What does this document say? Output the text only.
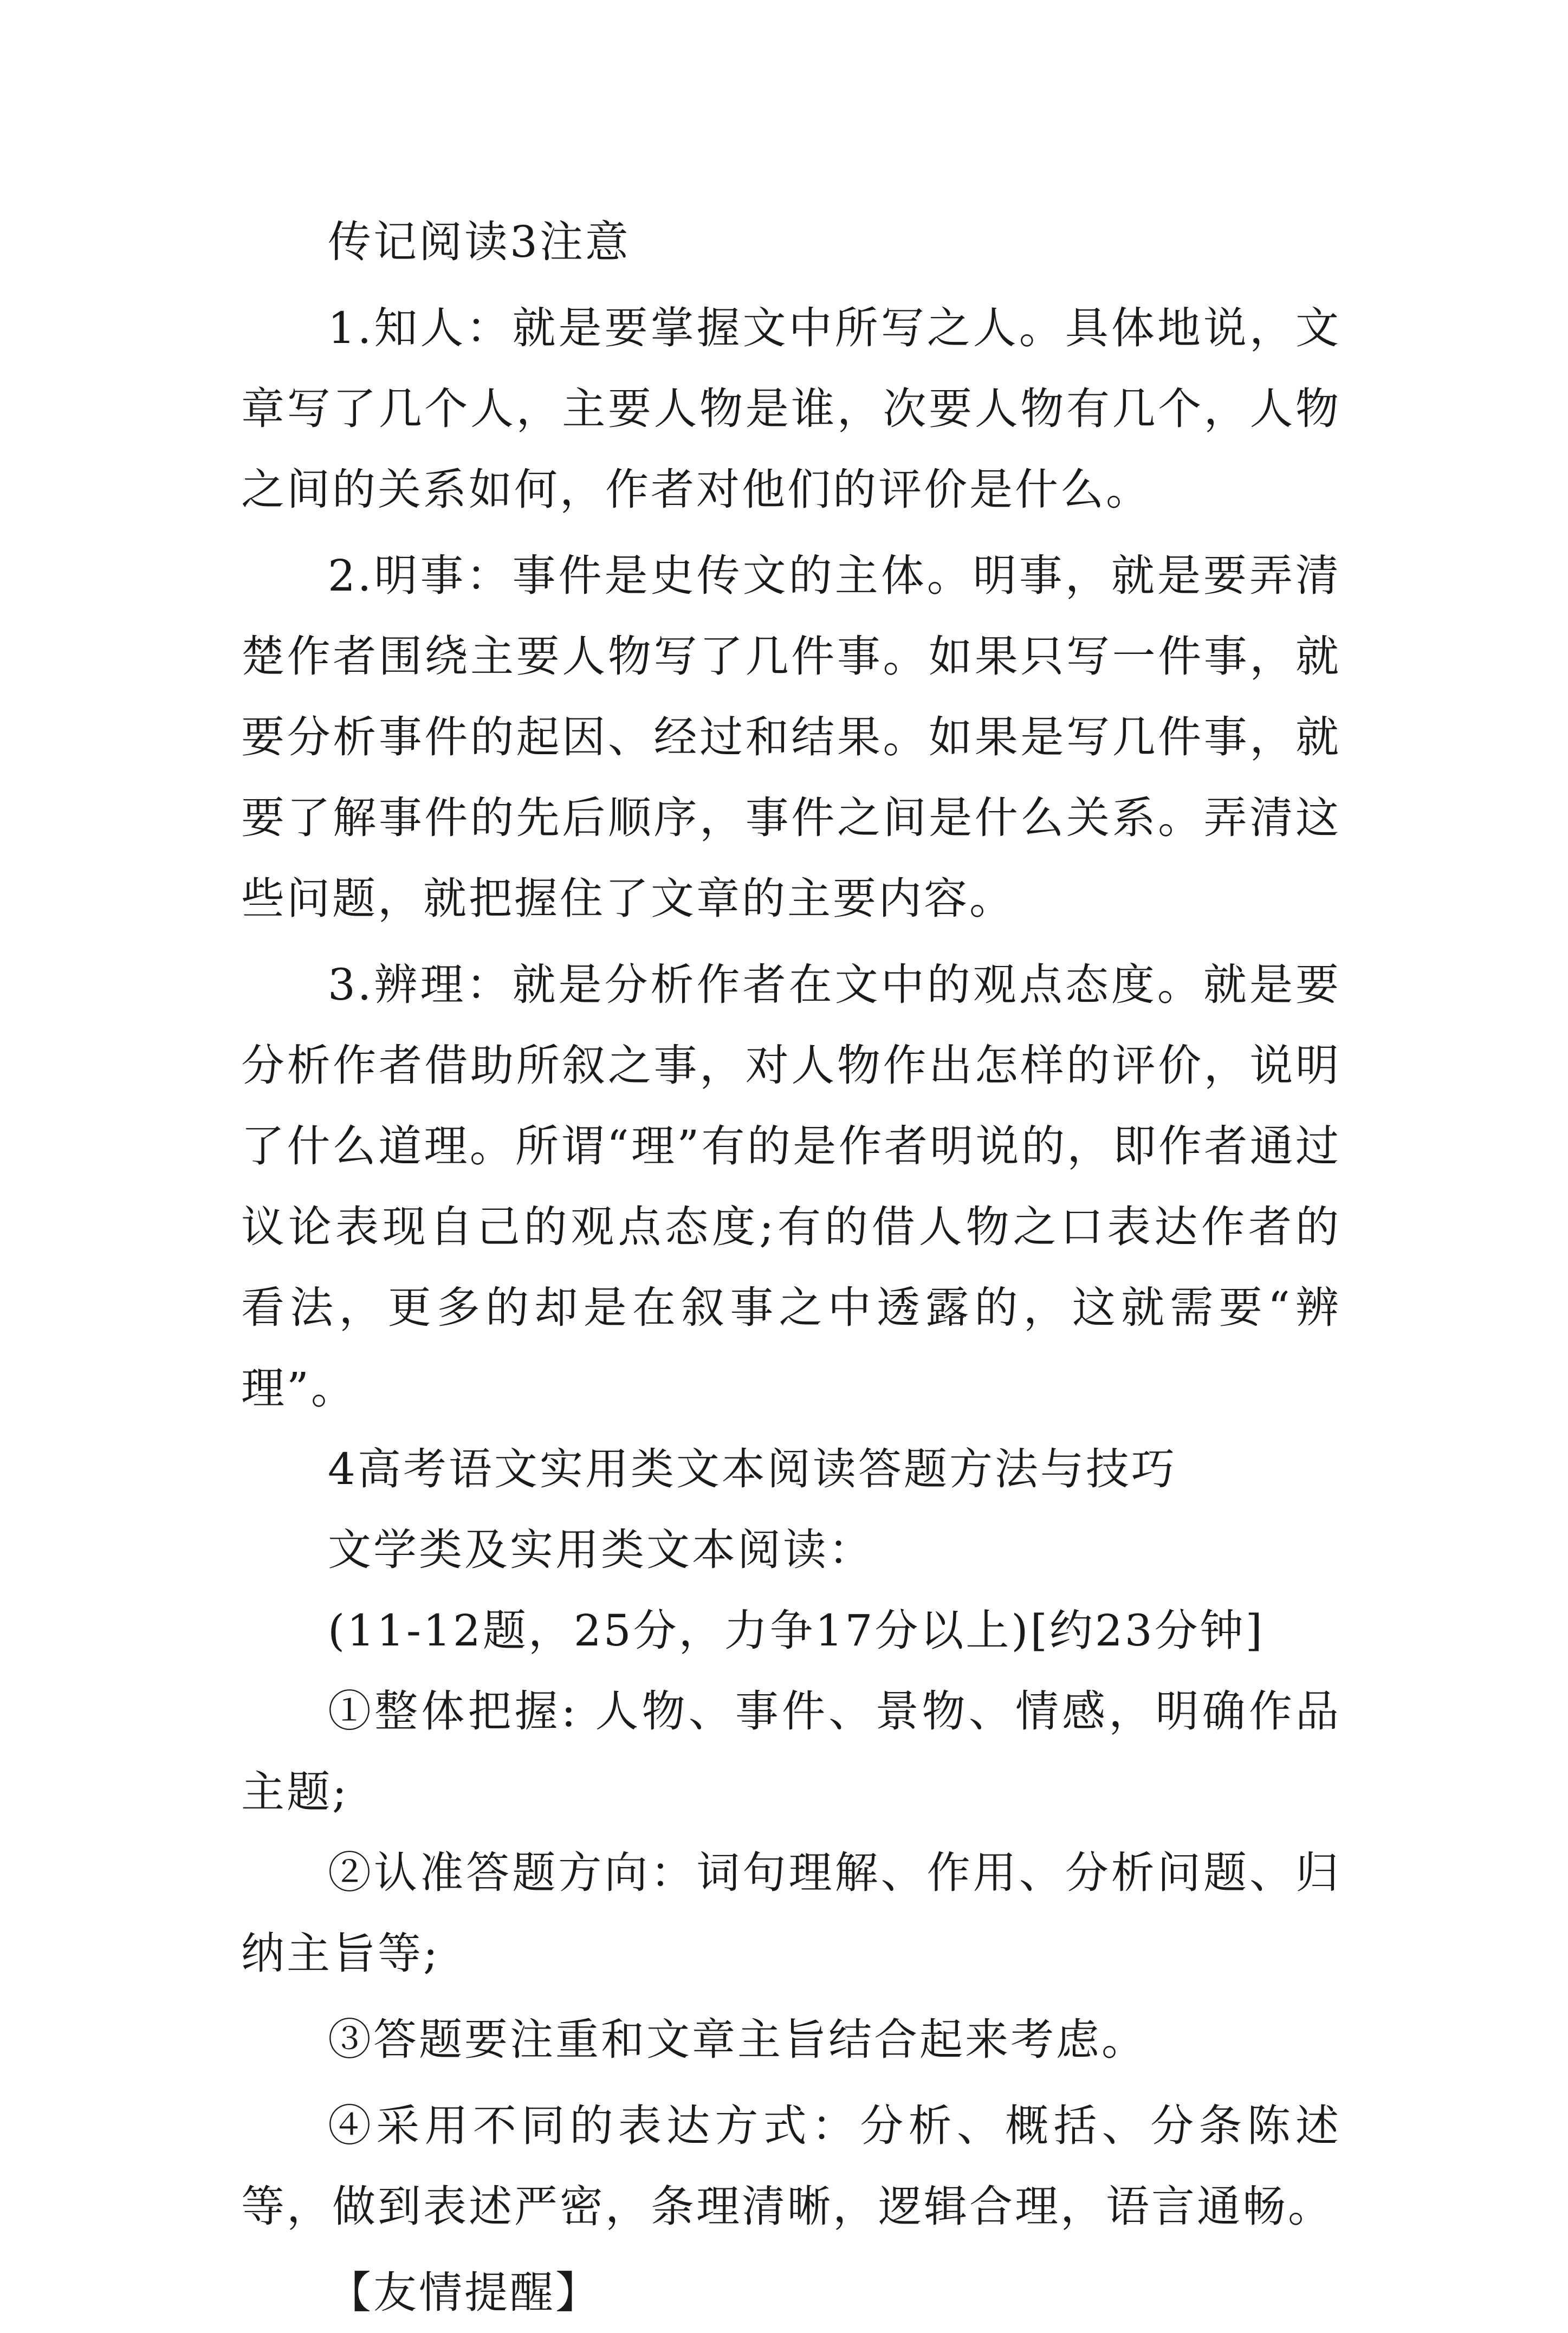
传记阅读3注意

1.知人：就是要掌握文中所写之人。具体地说，文章写了几个人，主要人物是谁，次要人物有几个，人物之间的关系如何，作者对他们的评价是什么。

2.明事：事件是史传文的主体。明事，就是要弄清楚作者围绕主要人物写了几件事。如果只写一件事，就要分析事件的起因、经过和结果。如果是写几件事，就要了解事件的先后顺序，事件之间是什么关系。弄清这些问题，就把握住了文章的主要内容。

3.辨理：就是分析作者在文中的观点态度。就是要分析作者借助所叙之事，对人物作出怎样的评价，说明了什么道理。所谓“理”有的是作者明说的，即作者通过议论表现自己的观点态度;有的借人物之口表达作者的看法，更多的却是在叙事之中透露的，这就需要“辨理”。

4高考语文实用类文本阅读答题方法与技巧

文学类及实用类文本阅读：

(11-12题，25分，力争17分以上)[约23分钟]

①整体把握: 人物、事件、景物、情感，明确作品主题;

②认准答题方向：词句理解、作用、分析问题、归纳主旨等;

③答题要注重和文章主旨结合起来考虑。

④采用不同的表达方式：分析、概括、分条陈述等，做到表述严密，条理清晰，逻辑合理，语言通畅。

【友情提醒】
